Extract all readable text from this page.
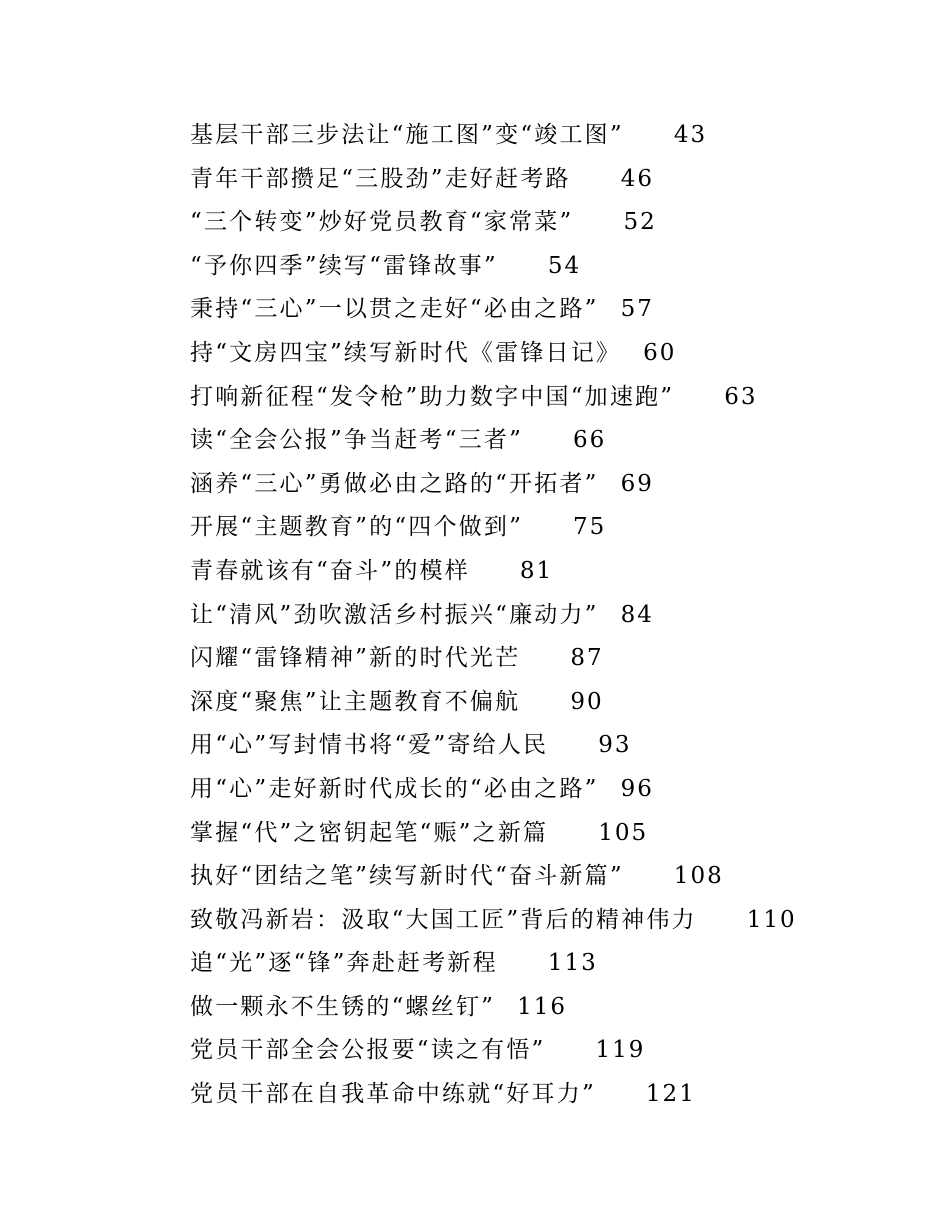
基层干部三步法让“施工图”变“竣工图” 43
青年干部攒足“三股劲”走好赶考路 46
“三个转变”炒好党员教育“家常菜” 52
“予你四季”续写“雷锋故事” 54
秉持“三心”一以贯之走好“必由之路” 57
持“文房四宝”续写新时代《雷锋日记》 60
打响新征程“发令枪”助力数字中国“加速跑” 63
读“全会公报”争当赶考“三者” 66
涵养“三心”勇做必由之路的“开拓者” 69
开展“主题教育”的“四个做到” 75
青春就该有“奋斗”的模样 81
让“清风”劲吹激活乡村振兴“廉动力” 84
闪耀“雷锋精神”新的时代光芒 87
深度“聚焦”让主题教育不偏航 90
用“心”写封情书将“爱”寄给人民 93
用“心”走好新时代成长的“必由之路” 96
掌握“代”之密钥起笔“赈”之新篇 105
执好“团结之笔”续写新时代“奋斗新篇” 108
致敬冯新岩：汲取“大国工匠”背后的精神伟力 110
追“光”逐“锋”奔赴赶考新程 113
做一颗永不生锈的“螺丝钉” 116
党员干部全会公报要“读之有悟” 119
党员干部在自我革命中练就“好耳力” 121
